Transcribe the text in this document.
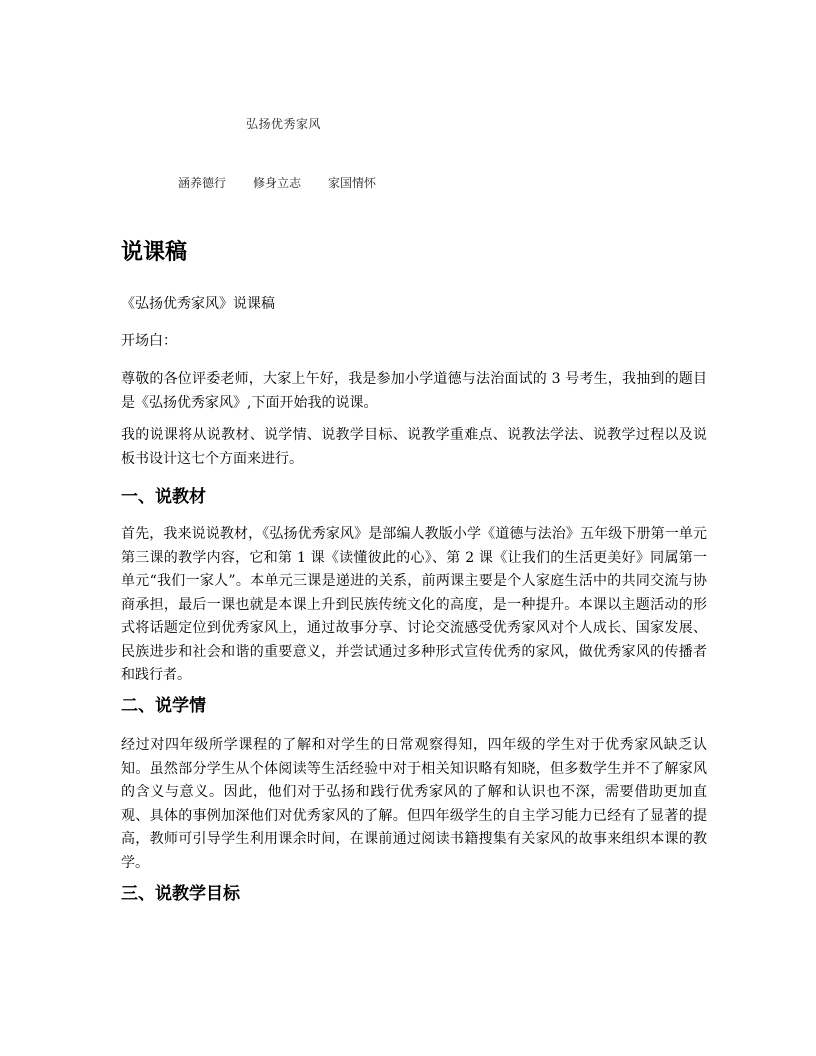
弘扬优秀家风
涵养德行 修身立志 家国情怀
说课稿

《弘扬优秀家风》说课稿

开场白：

尊敬的各位评委老师，大家上午好，我是参加小学道德与法治面试的 3 号考生，我抽到的题目是《弘扬优秀家风》,下面开始我的说课。

我的说课将从说教材、说学情、说教学目标、说教学重难点、说教法学法、说教学过程以及说板书设计这七个方面来进行。

一、说教材

首先，我来说说教材，《弘扬优秀家风》是部编人教版小学《道德与法治》五年级下册第一单元第三课的教学内容，它和第 1 课《读懂彼此的心》、第 2 课《让我们的生活更美好》同属第一单元“我们一家人”。本单元三课是递进的关系，前两课主要是个人家庭生活中的共同交流与协商承担，最后一课也就是本课上升到民族传统文化的高度，是一种提升。本课以主题活动的形式将话题定位到优秀家风上，通过故事分享、讨论交流感受优秀家风对个人成长、国家发展、民族进步和社会和谐的重要意义，并尝试通过多种形式宣传优秀的家风，做优秀家风的传播者和践行者。

二、说学情

经过对四年级所学课程的了解和对学生的日常观察得知，四年级的学生对于优秀家风缺乏认知。虽然部分学生从个体阅读等生活经验中对于相关知识略有知晓，但多数学生并不了解家风的含义与意义。因此，他们对于弘扬和践行优秀家风的了解和认识也不深，需要借助更加直观、具体的事例加深他们对优秀家风的了解。但四年级学生的自主学习能力已经有了显著的提高，教师可引导学生利用课余时间，在课前通过阅读书籍搜集有关家风的故事来组织本课的教学。

三、说教学目标
